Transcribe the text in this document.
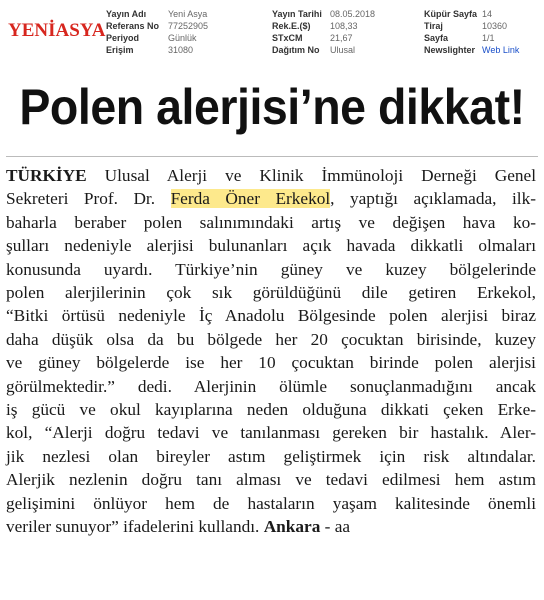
YENİASYA
Yayın Adı Yeni Asya
Referans No 77252905
Periyod	Günlük
Erişim	31080
Yayın Tarihi 08.05.2018
Rek.E.($) 108,33
STxCM	21,67
Dağıtım No Ulusal
Küpür Sayfa 14
Tiraj	10360
Sayfa	1/1
Newslighter Web Link
Polen alerjisi’ne dikkat!
TÜRKİYE Ulusal Alerji ve Klinik İmmünoloji Derneği Genel
Sekreteri Prof. Dr. Ferda Öner Erkekol, yaptığı açıklamada, ilk-
baharla beraber polen salınımındaki artış ve değişen hava ko-
şulları nedeniyle alerjisi bulunanları açık havada dikkatli olmaları
konusunda uyardı. Türkiye’nin güney ve kuzey bölgelerinde
polen alerjilerinin çok sık görüldüğünü dile getiren Erkekol,
“Bitki örtüsü nedeniyle İç Anadolu Bölgesinde polen alerjisi biraz
daha düşük olsa da bu bölgede her 20 çocuktan birisinde, kuzey
ve güney bölgelerde ise her 10 çocuktan birinde polen alerjisi
görülmektedir.” dedi. Alerjinin ölümle sonuçlanmadığını ancak
iş gücü ve okul kayıplarına neden olduğuna dikkati çeken Erke-
kol, “Alerji doğru tedavi ve tanılanması gereken bir hastalık. Aler-
jik nezlesi olan bireyler astım geliştirmek için risk altındalar.
Alerjik nezlenin doğru tanı alması ve tedavi edilmesi hem astım
gelişimini önlüyor hem de hastaların yaşam kalitesinde önemli
veriler sunuyor” ifadelerini kullandı. Ankara - aa
